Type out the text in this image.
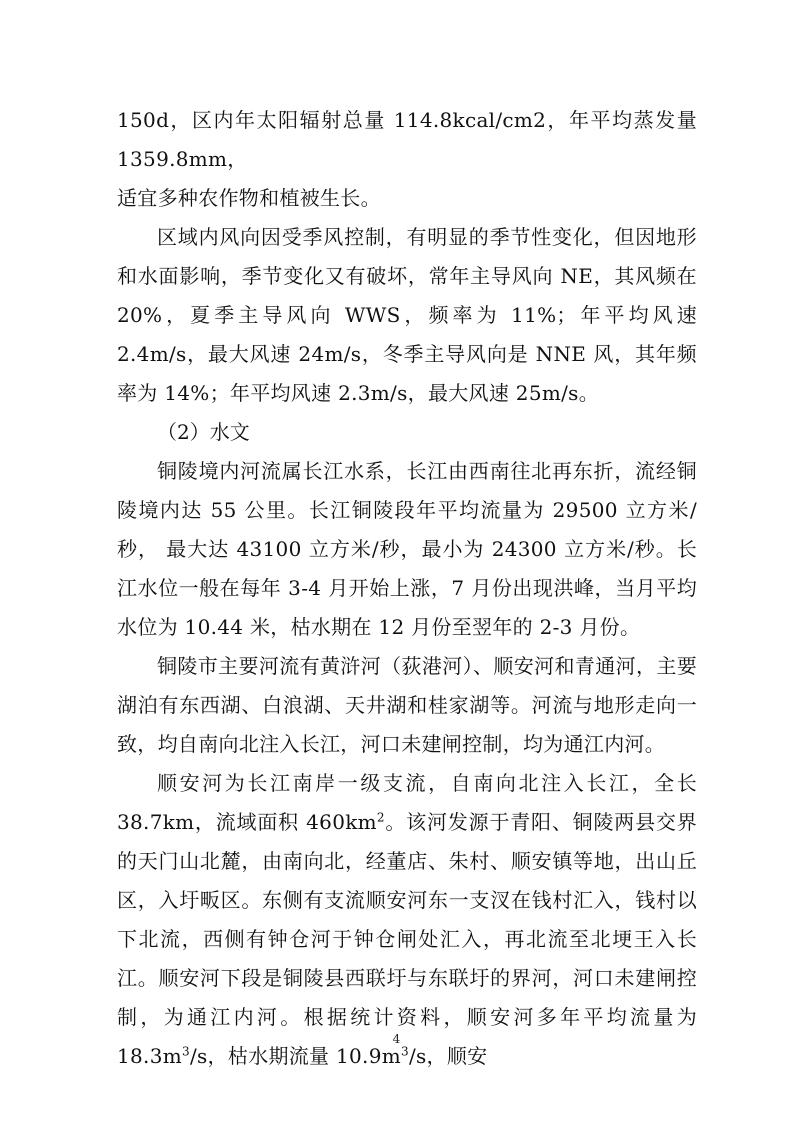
150d，区内年太阳辐射总量 114.8kcal/cm2，年平均蒸发量 1359.8mm，
适宜多种农作物和植被生长。

区域内风向因受季风控制，有明显的季节性变化，但因地形和水面影响，季节变化又有破坏，常年主导风向 NE，其风频在 20%，夏季主导风向 WWS，频率为 11%；年平均风速 2.4m/s，最大风速 24m/s，冬季主导风向是 NNE 风，其年频率为 14%；年平均风速 2.3m/s，最大风速 25m/s。

（2）水文

铜陵境内河流属长江水系，长江由西南往北再东折，流经铜陵境内达 55 公里。长江铜陵段年平均流量为 29500 立方米/秒， 最大达 43100 立方米/秒，最小为 24300 立方米/秒。长江水位一般在每年 3-4 月开始上涨，7 月份出现洪峰，当月平均水位为 10.44 米，枯水期在 12 月份至翌年的 2-3 月份。

铜陵市主要河流有黄浒河（荻港河）、顺安河和青通河，主要湖泊有东西湖、白浪湖、天井湖和桂家湖等。河流与地形走向一致，均自南向北注入长江，河口未建闸控制，均为通江内河。

顺安河为长江南岸一级支流，自南向北注入长江，全长 38.7km，流域面积 $460km^2$。该河发源于青阳、铜陵两县交界的天门山北麓，由南向北，经董店、朱村、顺安镇等地，出山丘区，入圩畈区。东侧有支流顺安河东一支汊在钱村汇入，钱村以下北流，西侧有钟仓河于钟仓闸处汇入，再北流至北埂王入长江。顺安河下段是铜陵县西联圩与东联圩的界河，河口未建闸控制，为通江内河。根据统计资料，顺安河多年平均流量为 $18.3m^3/s$，枯水期流量 $10.9m^3/s$，顺安

4
